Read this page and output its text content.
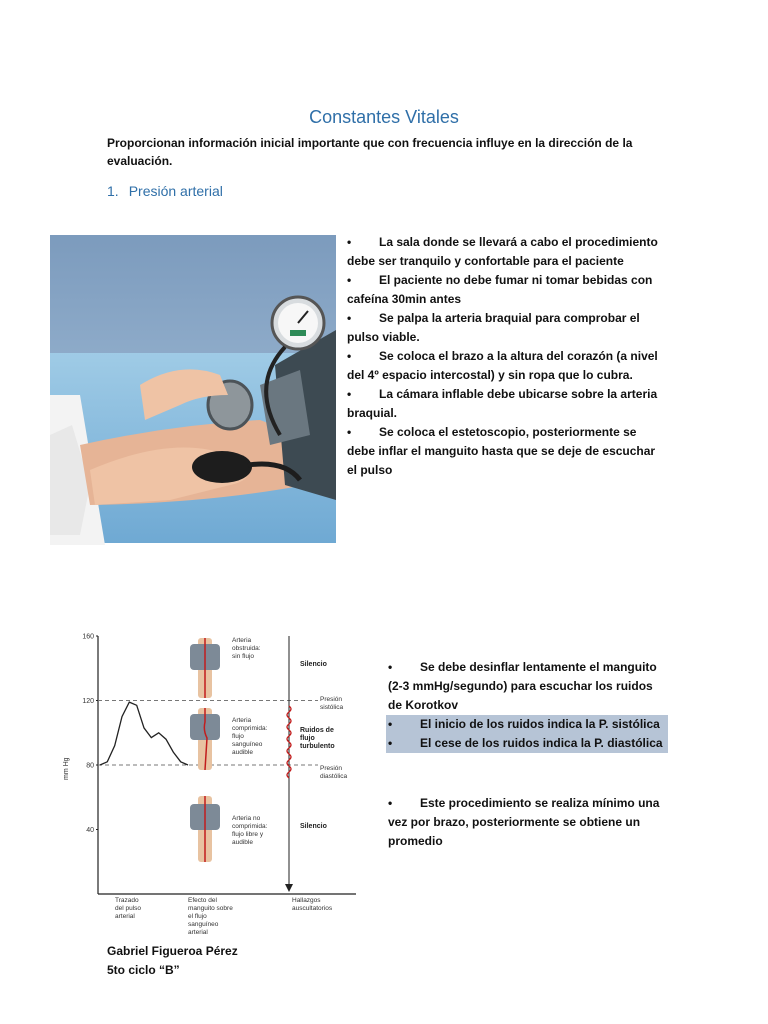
Constantes Vitales
Proporcionan información inicial importante que con frecuencia influye en la dirección de la evaluación.
1. Presión arterial
• La sala donde se llevará a cabo el procedimiento debe ser tranquilo y confortable para el paciente
• El paciente no debe fumar ni tomar bebidas con cafeína 30min antes
• Se palpa la arteria braquial para comprobar el pulso viable.
• Se coloca el brazo a la altura del corazón (a nivel del 4º espacio intercostal) y sin ropa que lo cubra.
• La cámara inflable debe ubicarse sobre la arteria braquial.
• Se coloca el estetoscopio, posteriormente se debe inflar el manguito hasta que se deje de escuchar el pulso
mm Hg
40
80
120
160	Arteria obstruida: sin flujo
Arteria comprimida: flujo sanguíneo audible
Arteria no comprimida: flujo libre y audible
Silencio
Ruidos de flujo turbulento
Silencio
Presión sistólica
Presión diastólica
Trazado del pulso arterial
Efecto del manguito sobre el flujo sanguíneo arterial
Hallazgos auscultatorios
• Se debe desinflar lentamente el manguito (2-3 mmHg/segundo) para escuchar los ruidos de Korotkov
• El inicio de los ruidos indica la P. sistólica
• El cese de los ruidos indica la P. diastólica
• Este procedimiento se realiza mínimo una vez por brazo, posteriormente se obtiene un promedio
Gabriel Figueroa Pérez
5to ciclo “B”
